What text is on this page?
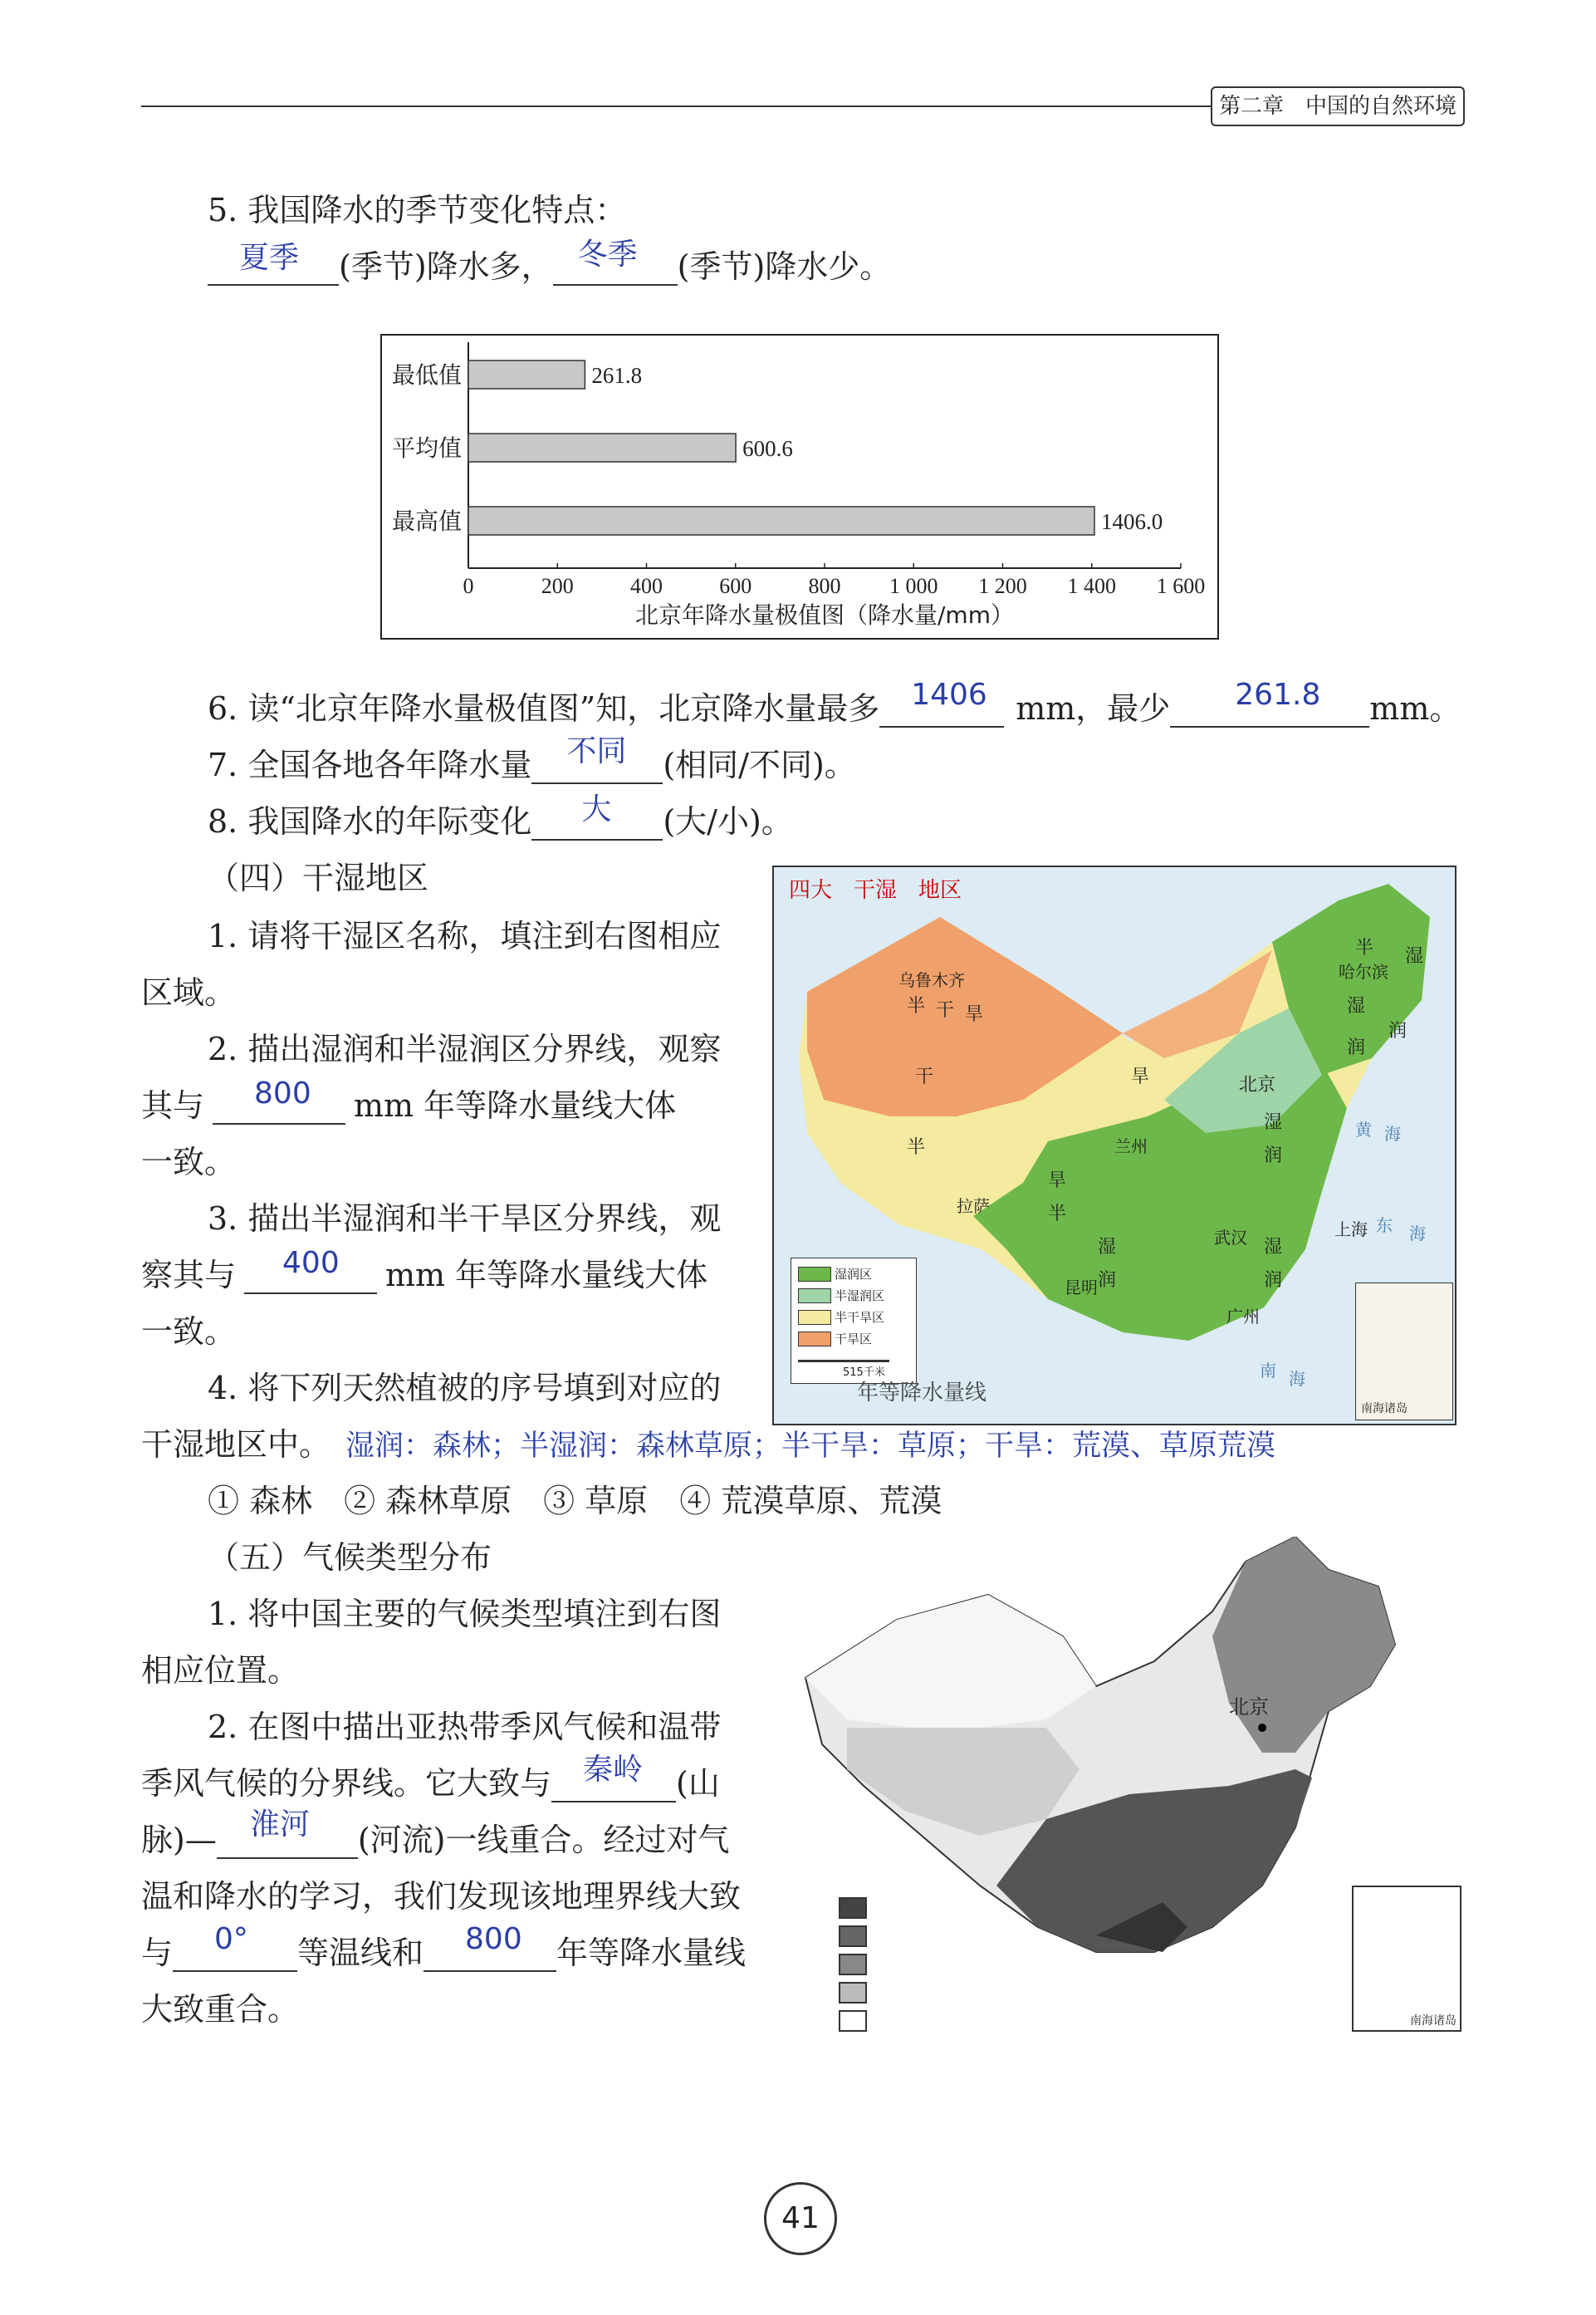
第二章　中国的自然环境
5. 我国降水的季节变化特点：
夏季 (季节)降水多， 冬季 (季节)降水少。
0	200	400	600	800 1 000 1 200 1 400 1 600
最低值	261.8
平均值	600.6
最高值	1406.0
北京年降水量极值图（降水量/mm）
6. 读“北京年降水量极值图”知，北京降水量最多 1406 mm，最少 261.8 mm。
7. 全国各地各年降水量 不同 (相同/不同)。
8. 我国降水的年际变化 大 (大/小)。
（四）干湿地区
1. 请将干湿区名称，填注到右图相应
区域。
2. 描出湿润和半湿润区分界线，观察
其与 800 mm 年等降水量线大体
一致。
3. 描出半湿润和半干旱区分界线，观
察其与 400 mm 年等降水量线大体
一致。
4. 将下列天然植被的序号填到对应的
干湿地区中。 湿润：森林；半湿润：森林草原；半干旱：草原；干旱：荒漠、草原荒漠
① 森林　② 森林草原　③ 草原　④ 荒漠草原、荒漠
四大　干湿　地区
乌鲁木齐	哈尔滨
北京
兰州
拉萨
武汉	上海
昆明
广州
半 干 旱
湿
润
干	旱
半
湿
润
半
旱
半
湿
润
湿
润
湿
润
黄 海
东 海
南 海
湿润区
半湿润区
半干旱区
干旱区
515千米
年等降水量线
南海诸岛
（五）气候类型分布
1. 将中国主要的气候类型填注到右图
相应位置。
2. 在图中描出亚热带季风气候和温带
季风气候的分界线。它大致与 秦岭 (山
脉)— 淮河 (河流)一线重合。经过对气
温和降水的学习，我们发现该地理界线大致
与 0° 等温线和 800 年等降水量线
大致重合。
北京
南海诸岛
41
